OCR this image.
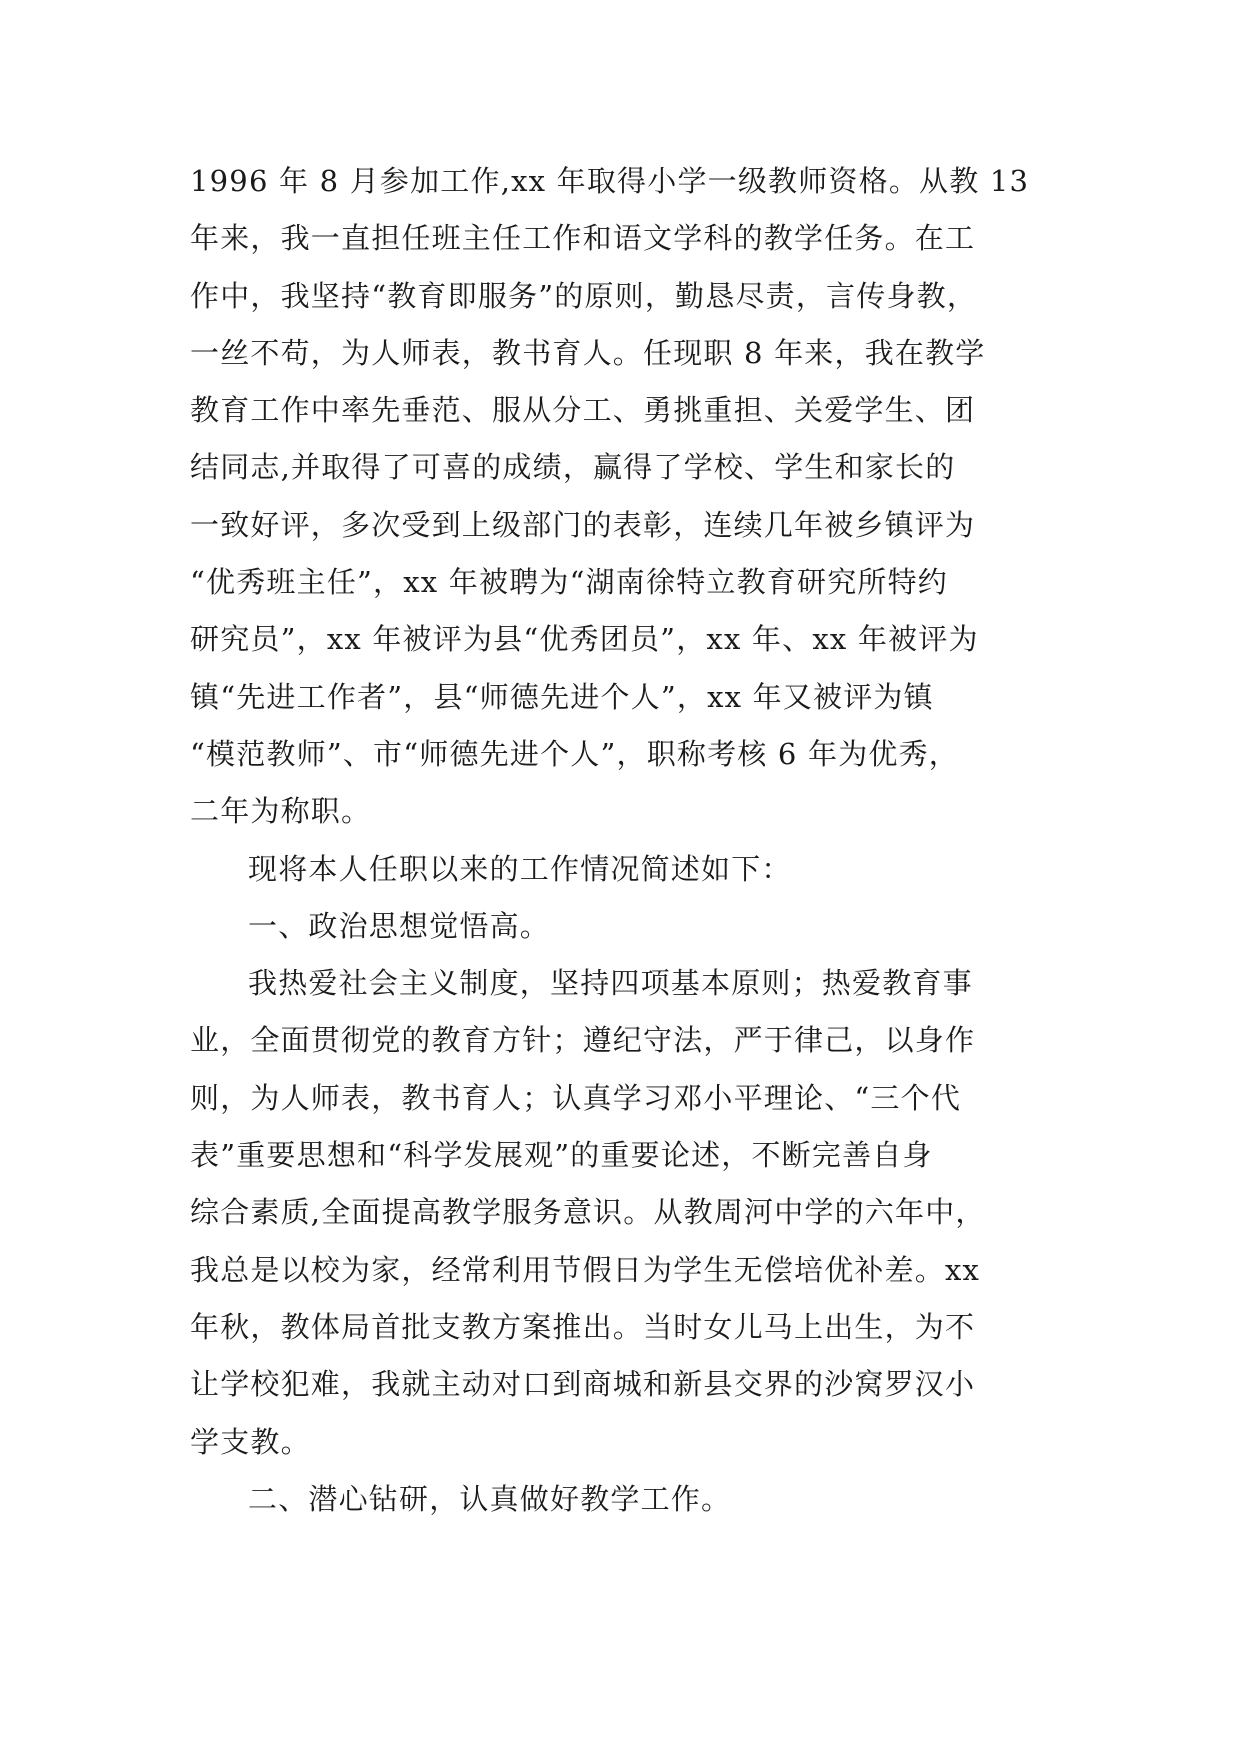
1996 年 8 月参加工作,xx 年取得小学一级教师资格。从教 13
年来，我一直担任班主任工作和语文学科的教学任务。在工
作中，我坚持“教育即服务”的原则，勤恳尽责，言传身教，
一丝不苟，为人师表，教书育人。任现职 8 年来，我在教学
教育工作中率先垂范、服从分工、勇挑重担、关爱学生、团
结同志,并取得了可喜的成绩，赢得了学校、学生和家长的
一致好评，多次受到上级部门的表彰，连续几年被乡镇评为
“优秀班主任”，xx 年被聘为“湖南徐特立教育研究所特约
研究员”，xx 年被评为县“优秀团员”，xx 年、xx 年被评为
镇“先进工作者”，县“师德先进个人”，xx 年又被评为镇
“模范教师”、市“师德先进个人”，职称考核 6 年为优秀，
二年为称职。
现将本人任职以来的工作情况简述如下：
一、政治思想觉悟高。
我热爱社会主义制度，坚持四项基本原则；热爱教育事
业，全面贯彻党的教育方针；遵纪守法，严于律己，以身作
则，为人师表，教书育人；认真学习邓小平理论、“三个代
表”重要思想和“科学发展观”的重要论述，不断完善自身
综合素质,全面提高教学服务意识。从教周河中学的六年中，
我总是以校为家，经常利用节假日为学生无偿培优补差。xx
年秋，教体局首批支教方案推出。当时女儿马上出生，为不
让学校犯难，我就主动对口到商城和新县交界的沙窝罗汉小
学支教。
二、潜心钻研，认真做好教学工作。
